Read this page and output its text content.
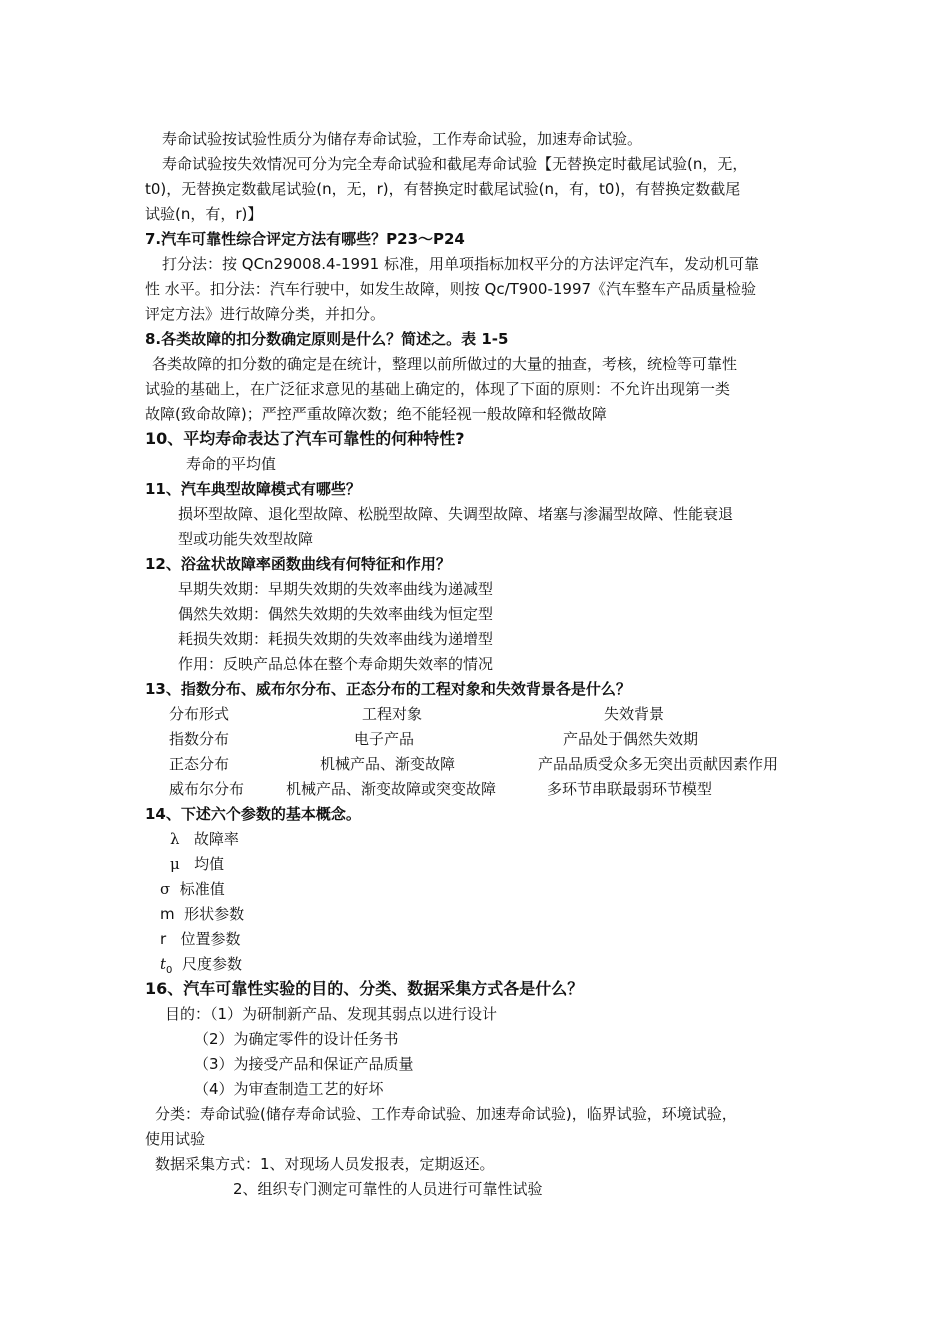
寿命试验按试验性质分为储存寿命试验，工作寿命试验，加速寿命试验。
寿命试验按失效情况可分为完全寿命试验和截尾寿命试验【无替换定时截尾试验(n，无，
t0)，无替换定数截尾试验(n，无，r)，有替换定时截尾试验(n，有，t0)，有替换定数截尾
试验(n，有，r)】
7.汽车可靠性综合评定方法有哪些？P23～P24
打分法：按 QCn29008.4-1991 标准，用单项指标加权平分的方法评定汽车，发动机可靠
性 水平。扣分法：汽车行驶中，如发生故障，则按 Qc/T900-1997《汽车整车产品质量检验
评定方法》进行故障分类，并扣分。
8.各类故障的扣分数确定原则是什么？简述之。表 1-5
各类故障的扣分数的确定是在统计，整理以前所做过的大量的抽查，考核，统检等可靠性
试验的基础上，在广泛征求意见的基础上确定的，体现了下面的原则：不允许出现第一类
故障(致命故障)；严控严重故障次数；绝不能轻视一般故障和轻微故障
10、平均寿命表达了汽车可靠性的何种特性?
寿命的平均值
11、汽车典型故障模式有哪些？
损坏型故障、退化型故障、松脱型故障、失调型故障、堵塞与渗漏型故障、性能衰退
型或功能失效型故障
12、浴盆状故障率函数曲线有何特征和作用？
早期失效期：早期失效期的失效率曲线为递减型
偶然失效期：偶然失效期的失效率曲线为恒定型
耗损失效期：耗损失效期的失效率曲线为递增型
作用：反映产品总体在整个寿命期失效率的情况
13、指数分布、威布尔分布、正态分布的工程对象和失效背景各是什么？
分布形式	工程对象	失效背景
指数分布	电子产品	产品处于偶然失效期
正态分布	机械产品、渐变故障	产品品质受众多无突出贡献因素作用
威布尔分布	机械产品、渐变故障或突变故障	多环节串联最弱环节模型
14、下述六个参数的基本概念。
λ 故障率
μ 均值
σ 标准值
m 形状参数
r 位置参数
$t_0$ 尺度参数
16、汽车可靠性实验的目的、分类、数据采集方式各是什么？
目的：（1）为研制新产品、发现其弱点以进行设计
（2）为确定零件的设计任务书
（3）为接受产品和保证产品质量
（4）为审查制造工艺的好坏
分类：寿命试验(储存寿命试验、工作寿命试验、加速寿命试验)，临界试验，环境试验，
使用试验
数据采集方式：1、对现场人员发报表，定期返还。
2、组织专门测定可靠性的人员进行可靠性试验
